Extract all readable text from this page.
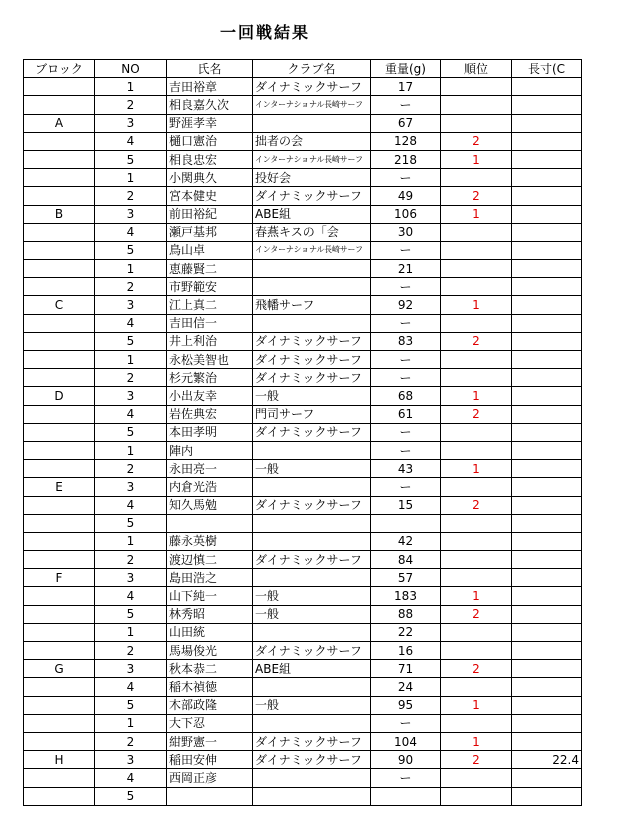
一回戦結果
ブロック	NO	氏名	クラブ名	重量(g)	順位	長寸(C
	1	吉田裕章	ダイナミックサーフ	17		
	2	相良嘉久次	インターナショナル長崎サーフ	ー		
A	3	野涯孝幸		67		
	4	樋口憲治	拙者の会	128	2	
	5	相良忠宏	インターナショナル長崎サーフ	218	1	
	1	小関典久	投好会	ー		
	2	宮本健史	ダイナミックサーフ	49	2	
B	3	前田裕紀	ABE組	106	1	
	4	瀬戸基邦	春燕キスの「会	30		
	5	鳥山卓	インターナショナル長崎サーフ	ー		
	1	恵藤賢二		21		
	2	市野範安		ー		
C	3	江上真二	飛幡サーフ	92	1	
	4	吉田信一		ー		
	5	井上利治	ダイナミックサーフ	83	2	
	1	永松美智也	ダイナミックサーフ	ー		
	2	杉元繁治	ダイナミックサーフ	ー		
D	3	小出友幸	一般	68	1	
	4	岩佐典宏	門司サーフ	61	2	
	5	本田孝明	ダイナミックサーフ	ー		
	1	陣内		ー		
	2	永田亮一	一般	43	1	
E	3	内倉光浩		ー		
	4	知久馬勉	ダイナミックサーフ	15	2	
	5					
	1	藤永英樹		42		
	2	渡辺慎二	ダイナミックサーフ	84		
F	3	島田浩之		57		
	4	山下純一	一般	183	1	
	5	林秀昭	一般	88	2	
	1	山田統		22		
	2	馬場俊光	ダイナミックサーフ	16		
G	3	秋本恭二	ABE組	71	2	
	4	稲木禎徳		24		
	5	木部政隆	一般	95	1	
	1	大下忍		ー		
	2	紺野憲一	ダイナミックサーフ	104	1	
H	3	稲田安伸	ダイナミックサーフ	90	2	22.4
	4	西岡正彦		ー		
	5					
